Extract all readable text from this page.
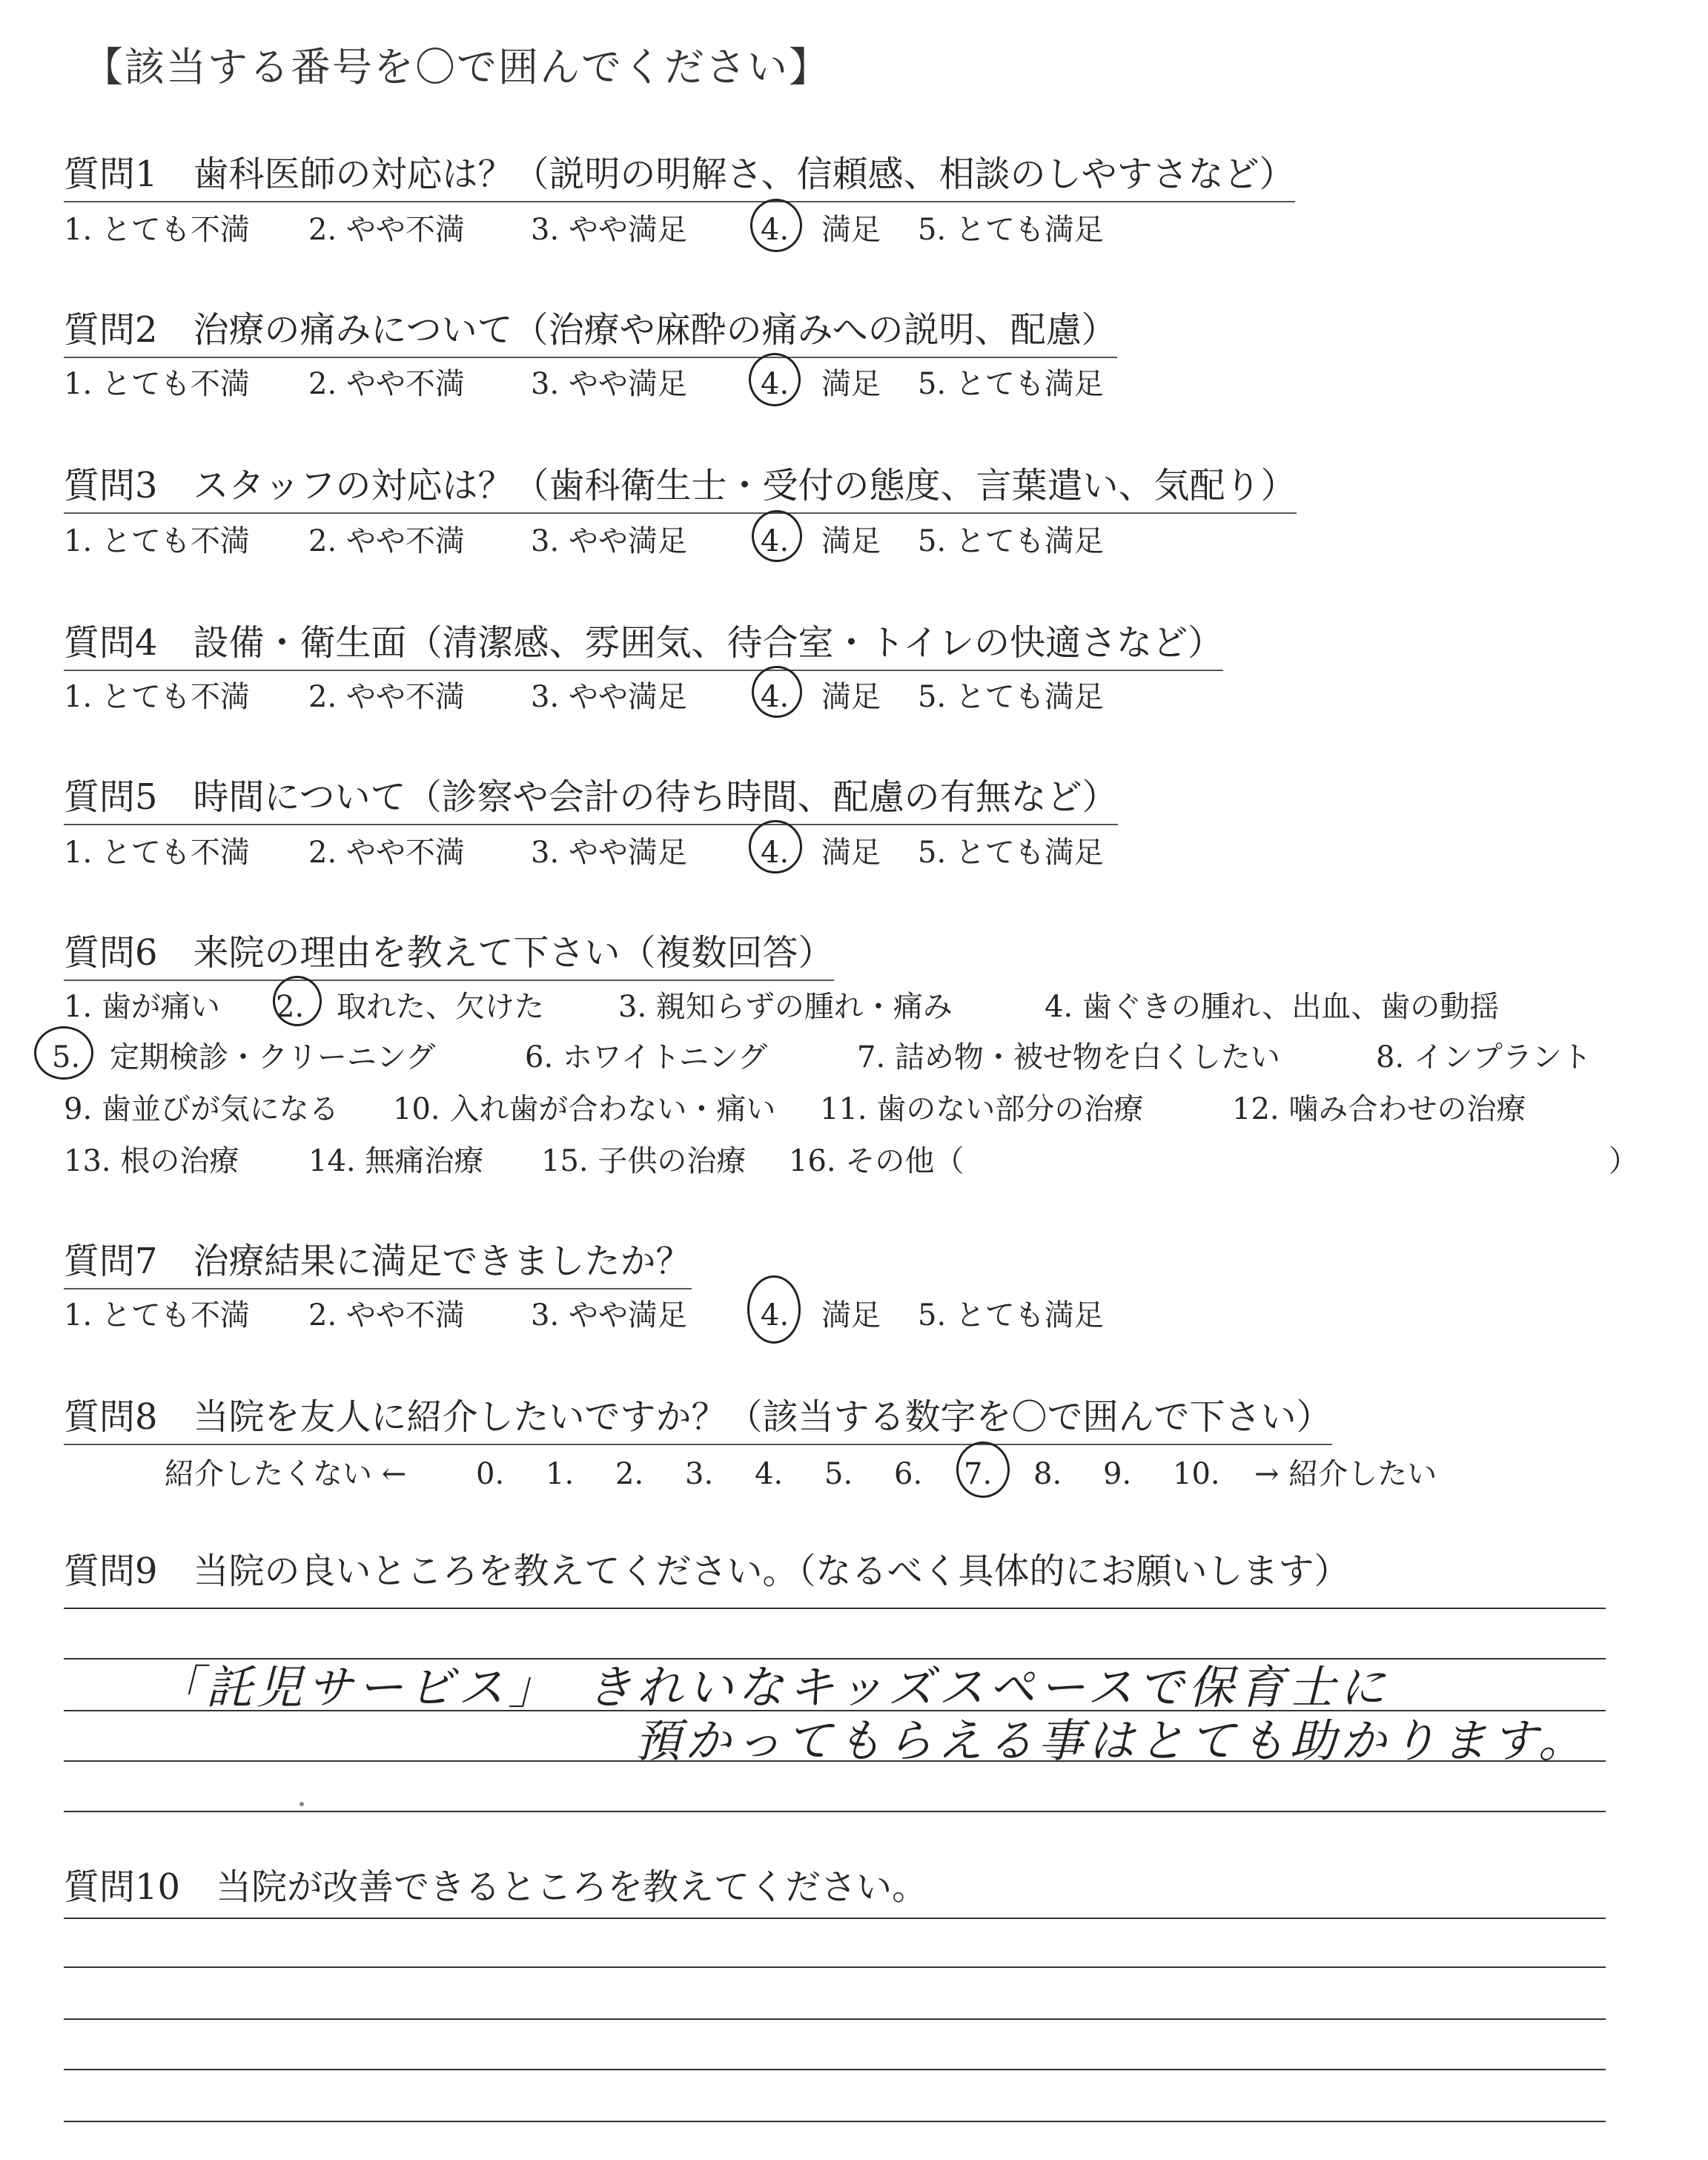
【該当する番号を〇で囲んでください】
質問1　歯科医師の対応は？（説明の明解さ、信頼感、相談のしやすさなど）
1. とても不満 2. やや不満 3. やや満足 4. 満足 5. とても満足
質問2　治療の痛みについて（治療や麻酔の痛みへの説明、配慮）
1. とても不満 2. やや不満 3. やや満足 4. 満足 5. とても満足
質問3　スタッフの対応は？（歯科衛生士・受付の態度、言葉遣い、気配り）
1. とても不満 2. やや不満 3. やや満足 4. 満足 5. とても満足
質問4　設備・衛生面（清潔感、雰囲気、待合室・トイレの快適さなど）
1. とても不満 2. やや不満 3. やや満足 4. 満足 5. とても満足
質問5　時間について（診察や会計の待ち時間、配慮の有無など）
1. とても不満 2. やや不満 3. やや満足 4. 満足 5. とても満足
質問6　来院の理由を教えて下さい（複数回答）
1. 歯が痛い 2. 取れた、欠けた	3. 親知らずの腫れ・痛み	4. 歯ぐきの腫れ、出血、歯の動揺
5. 定期検診・クリーニング	6. ホワイトニング	7. 詰め物・被せ物を白くしたい	8. インプラント
9. 歯並びが気になる 10. 入れ歯が合わない・痛い 11. 歯のない部分の治療	12. 噛み合わせの治療
13. 根の治療 14. 無痛治療 15. 子供の治療 16. その他（	）
質問7　治療結果に満足できましたか？
1. とても不満 2. やや不満 3. やや満足 4. 満足 5. とても満足
質問8　当院を友人に紹介したいですか？（該当する数字を〇で囲んで下さい）
紹介したくない ← 0. 1. 2. 3. 4. 5. 6. 7. 8. 9. 10. → 紹介したい
質問9　当院の良いところを教えてください。（なるべく具体的にお願いします）
「託児サービス」　きれいなキッズスペースで保育士に
預かってもらえる事はとても助かります。
質問10　当院が改善できるところを教えてください。
